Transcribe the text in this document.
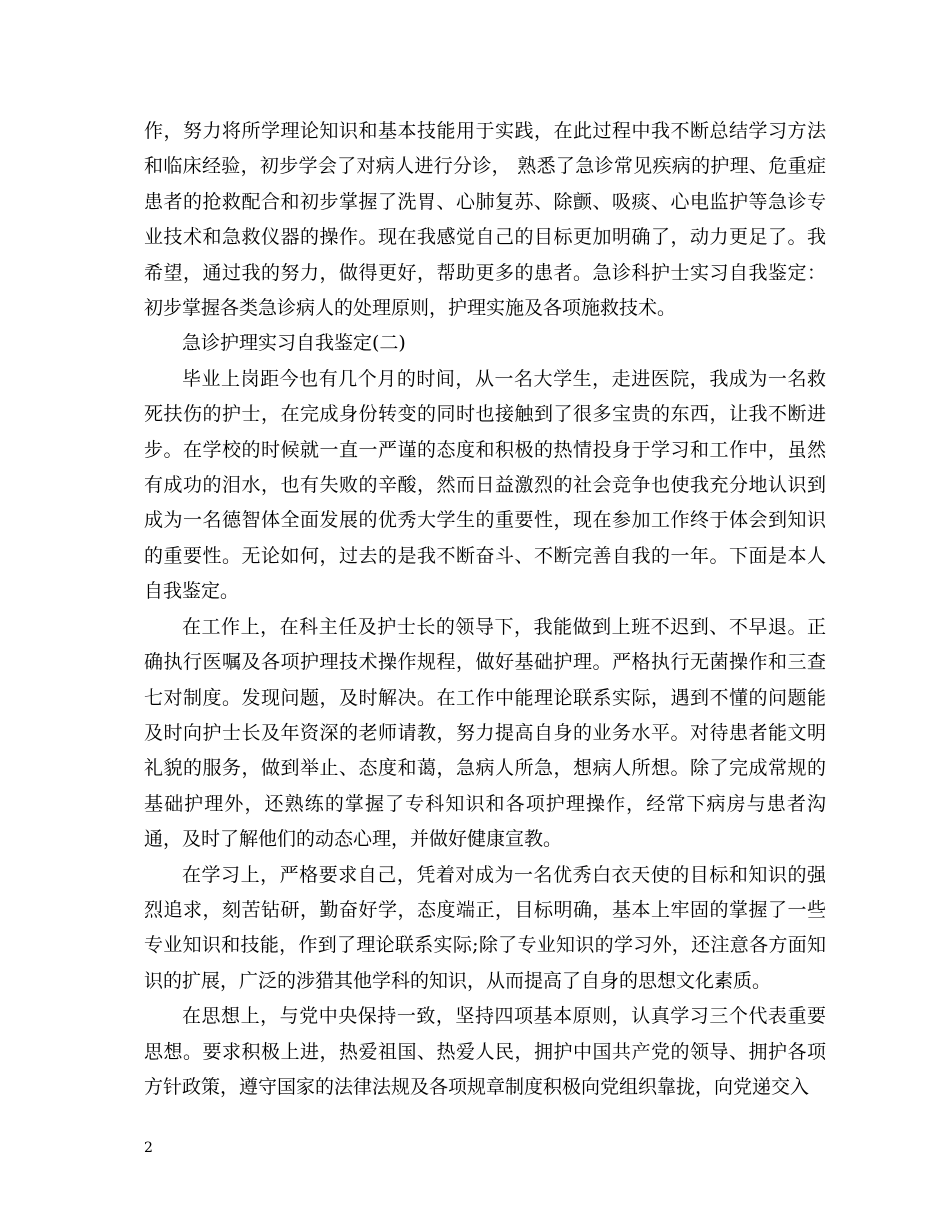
作，努力将所学理论知识和基本技能用于实践，在此过程中我不断总结学习方法和临床经验，初步学会了对病人进行分诊， 熟悉了急诊常见疾病的护理、危重症患者的抢救配合和初步掌握了洗胃、心肺复苏、除颤、吸痰、心电监护等急诊专业技术和急救仪器的操作。现在我感觉自己的目标更加明确了，动力更足了。我希望，通过我的努力，做得更好，帮助更多的患者。急诊科护士实习自我鉴定：初步掌握各类急诊病人的处理原则，护理实施及各项施救技术。

急诊护理实习自我鉴定(二)

毕业上岗距今也有几个月的时间，从一名大学生，走进医院，我成为一名救死扶伤的护士，在完成身份转变的同时也接触到了很多宝贵的东西，让我不断进步。在学校的时候就一直一严谨的态度和积极的热情投身于学习和工作中，虽然有成功的泪水，也有失败的辛酸，然而日益激烈的社会竞争也使我充分地认识到成为一名德智体全面发展的优秀大学生的重要性，现在参加工作终于体会到知识的重要性。无论如何，过去的是我不断奋斗、不断完善自我的一年。下面是本人自我鉴定。

在工作上，在科主任及护士长的领导下，我能做到上班不迟到、不早退。正确执行医嘱及各项护理技术操作规程，做好基础护理。严格执行无菌操作和三查七对制度。发现问题，及时解决。在工作中能理论联系实际，遇到不懂的问题能及时向护士长及年资深的老师请教，努力提高自身的业务水平。对待患者能文明礼貌的服务，做到举止、态度和蔼，急病人所急，想病人所想。除了完成常规的基础护理外，还熟练的掌握了专科知识和各项护理操作，经常下病房与患者沟通，及时了解他们的动态心理，并做好健康宣教。

在学习上，严格要求自己，凭着对成为一名优秀白衣天使的目标和知识的强烈追求，刻苦钻研，勤奋好学，态度端正，目标明确，基本上牢固的掌握了一些专业知识和技能，作到了理论联系实际;除了专业知识的学习外，还注意各方面知识的扩展，广泛的涉猎其他学科的知识，从而提高了自身的思想文化素质。

在思想上，与党中央保持一致，坚持四项基本原则，认真学习三个代表重要思想。要求积极上进，热爱祖国、热爱人民，拥护中国共产党的领导、拥护各项方针政策，遵守国家的法律法规及各项规章制度积极向党组织靠拢，向党递交入

2
